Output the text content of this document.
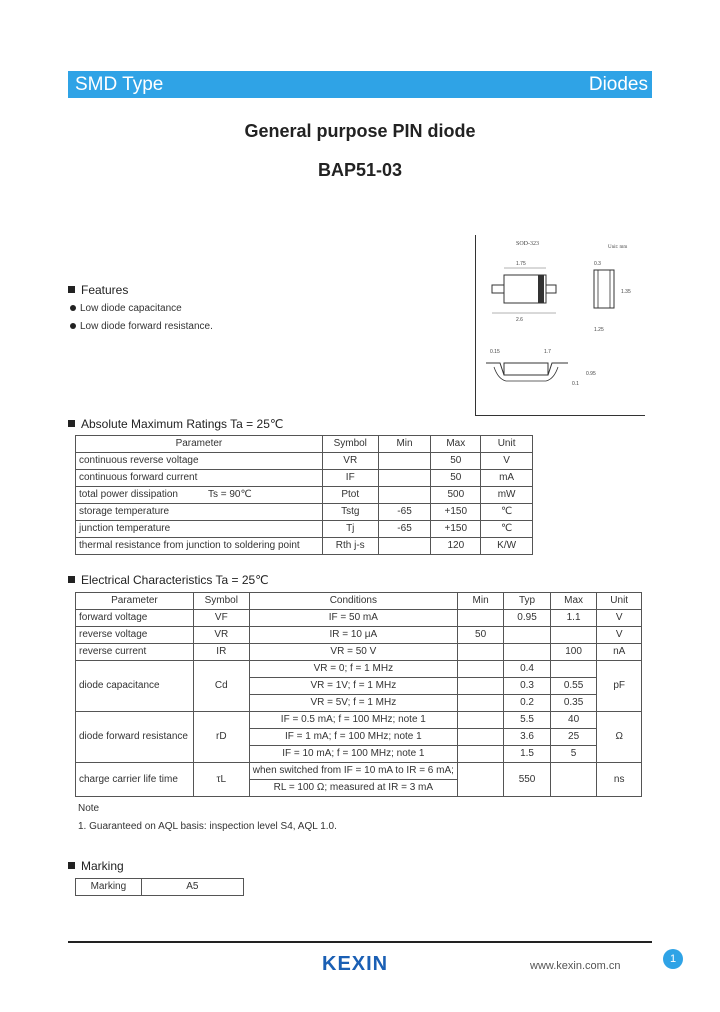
SMD Type	Diodes
General purpose PIN diode
BAP51-03
SOD-323
Unit: mm
1.75
2.6
1.35
0.3
1.25
0.15	1.7
0.1
0.95
Features
Low diode capacitance
Low diode forward resistance.
Absolute Maximum Ratings Ta = 25℃
Parameter	Symbol	Min	Max	Unit
continuous reverse voltage	VR		50	V
continuous forward current	IF		50	mA
total power dissipation Ts = 90℃	Ptot		500	mW
storage temperature	Tstg	-65	+150	℃
junction temperature	Tj	-65	+150	℃
thermal resistance from junction to soldering point	Rth j-s		120	K/W
Electrical Characteristics Ta = 25℃
Parameter	Symbol	Conditions	Min	Typ	Max	Unit
forward voltage	VF	IF = 50 mA		0.95	1.1	V
reverse voltage	VR	IR = 10 μA	50			V
reverse current	IR	VR = 50 V			100	nA
diode capacitance	Cd	VR = 0; f = 1 MHz		0.4		pF
		VR = 1V; f = 1 MHz		0.3	0.55	
		VR = 5V; f = 1 MHz		0.2	0.35	
diode forward resistance	rD	IF = 0.5 mA; f = 100 MHz; note 1		5.5	40	Ω
		IF = 1 mA; f = 100 MHz; note 1		3.6	25	
		IF = 10 mA; f = 100 MHz; note 1		1.5	5	
charge carrier life time	τL	when switched from IF = 10 mA to IR = 6 mA;		550		ns
		RL = 100 Ω; measured at IR = 3 mA				
Note
1. Guaranteed on AQL basis: inspection level S4, AQL 1.0.
Marking
Marking	A5
KEXIN	www.kexin.com.cn
1
